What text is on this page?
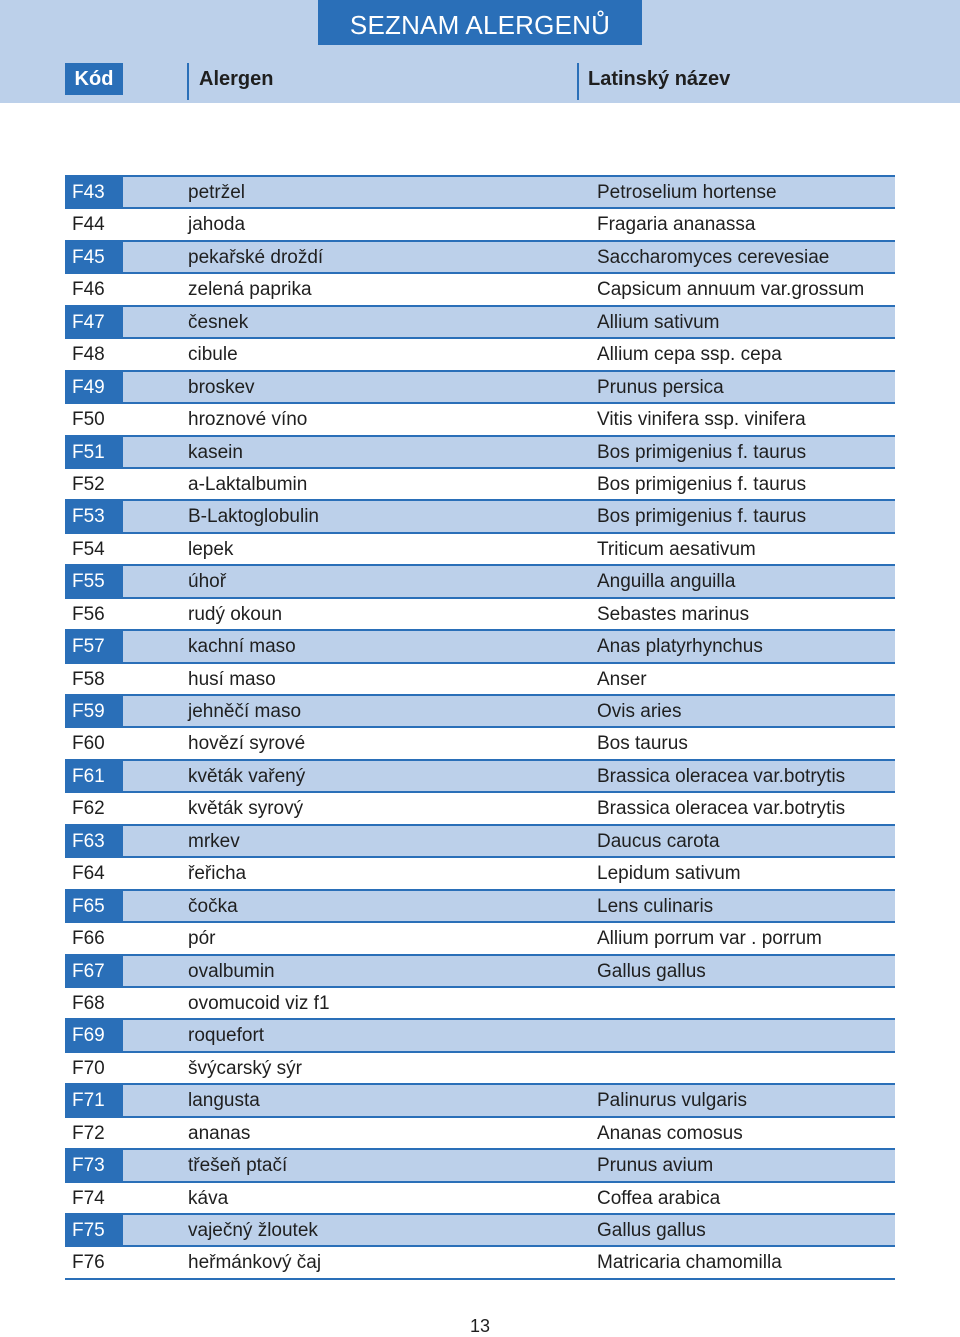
SEZNAM ALERGENŮ
Kód	Alergen	Latinský název
F43	petržel	Petroselium hortense
F44	jahoda	Fragaria ananassa
F45	pekařské droždí	Saccharomyces cerevesiae
F46	zelená paprika	Capsicum annuum var.grossum
F47	česnek	Allium sativum
F48	cibule	Allium cepa ssp. cepa
F49	broskev	Prunus persica
F50	hroznové víno	Vitis vinifera ssp. vinifera
F51	kasein	Bos primigenius f. taurus
F52	a-Laktalbumin	Bos primigenius f. taurus
F53	B-Laktoglobulin	Bos primigenius f. taurus
F54	lepek	Triticum aesativum
F55	úhoř	Anguilla anguilla
F56	rudý okoun	Sebastes marinus
F57	kachní maso	Anas platyrhynchus
F58	husí maso	Anser
F59	jehněčí maso	Ovis aries
F60	hovězí syrové	Bos taurus
F61	květák vařený	Brassica oleracea var.botrytis
F62	květák syrový	Brassica oleracea var.botrytis
F63	mrkev	Daucus carota
F64	řeřicha	Lepidum sativum
F65	čočka	Lens culinaris
F66	pór	Allium porrum var . porrum
F67	ovalbumin	Gallus gallus
F68	ovomucoid viz f1
F69	roquefort
F70	švýcarský sýr
F71	langusta	Palinurus vulgaris
F72	ananas	Ananas comosus
F73	třešeň ptačí	Prunus avium
F74	káva	Coffea arabica
F75	vaječný žloutek	Gallus gallus
F76	heřmánkový čaj	Matricaria chamomilla
13
